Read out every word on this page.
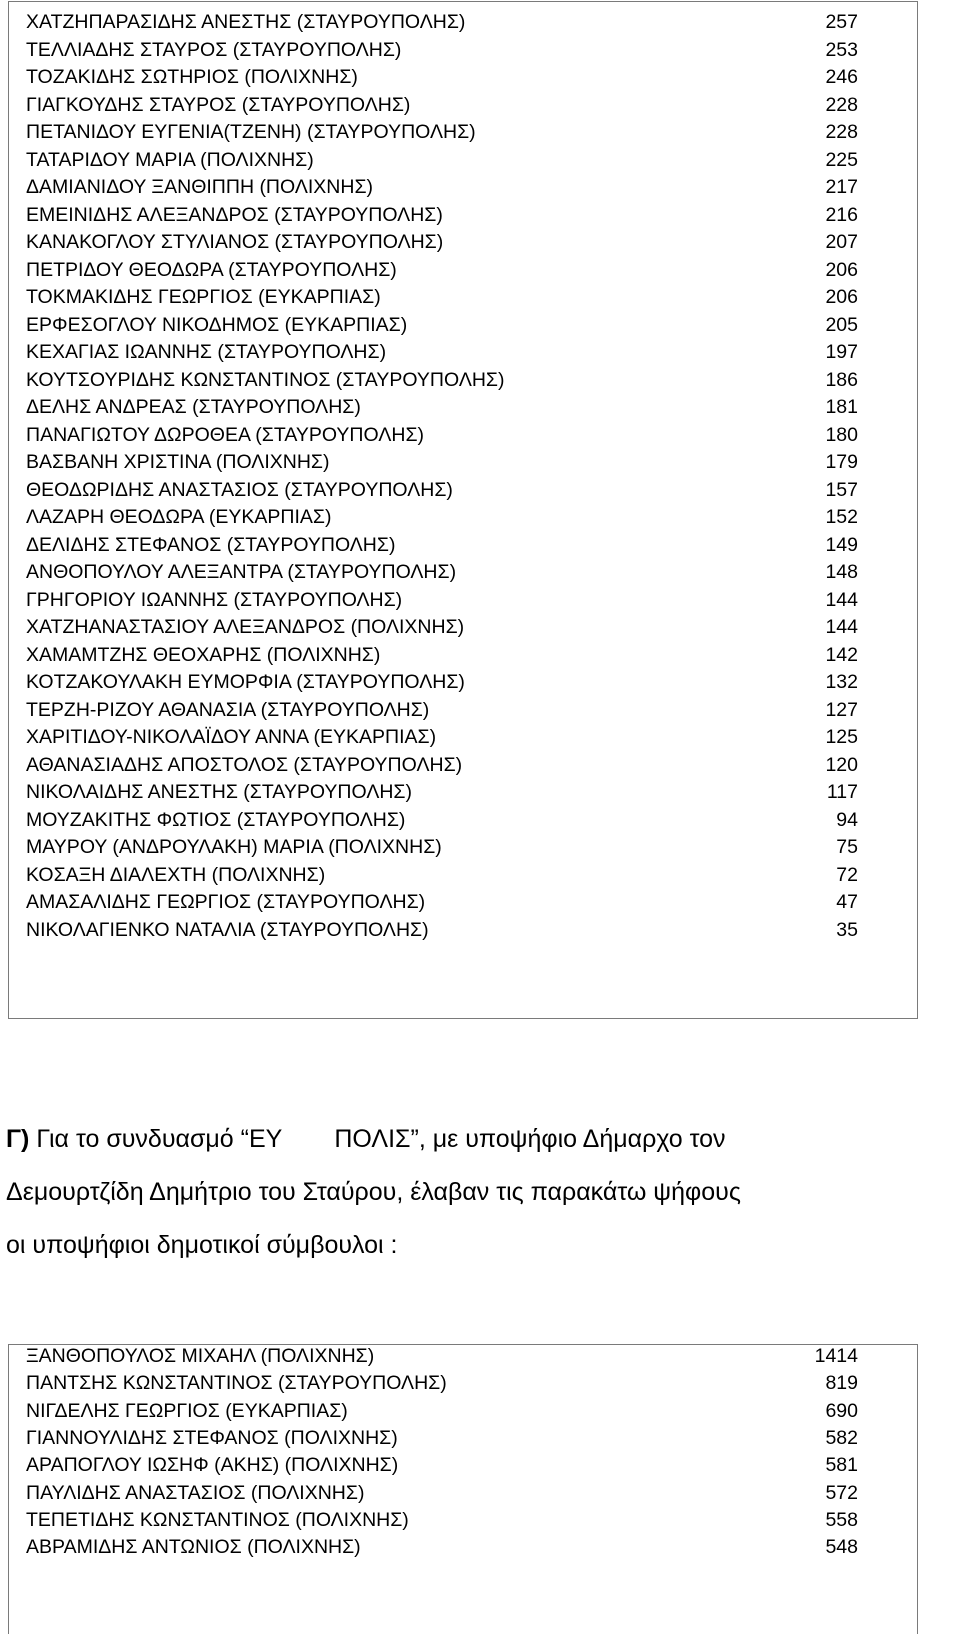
ΧΑΤΖΗΠΑΡΑΣΙΔΗΣ ΑΝΕΣΤΗΣ (ΣΤΑΥΡΟΥΠΟΛΗΣ)	257
ΤΕΛΛΙΑΔΗΣ ΣΤΑΥΡΟΣ (ΣΤΑΥΡΟΥΠΟΛΗΣ)	253
ΤΟΖΑΚΙΔΗΣ ΣΩΤΗΡΙΟΣ (ΠΟΛΙΧΝΗΣ)	246
ΓΙΑΓΚΟΥΔΗΣ ΣΤΑΥΡΟΣ (ΣΤΑΥΡΟΥΠΟΛΗΣ)	228
ΠΕΤΑΝΙΔΟΥ ΕΥΓΕΝΙΑ(ΤΖΕΝΗ) (ΣΤΑΥΡΟΥΠΟΛΗΣ)	228
ΤΑΤΑΡΙΔΟΥ ΜΑΡΙΑ (ΠΟΛΙΧΝΗΣ)	225
ΔΑΜΙΑΝΙΔΟΥ ΞΑΝΘΙΠΠΗ (ΠΟΛΙΧΝΗΣ)	217
ΕΜΕΙΝΙΔΗΣ ΑΛΕΞΑΝΔΡΟΣ (ΣΤΑΥΡΟΥΠΟΛΗΣ)	216
ΚΑΝΑΚΟΓΛΟΥ ΣΤΥΛΙΑΝΟΣ (ΣΤΑΥΡΟΥΠΟΛΗΣ)	207
ΠΕΤΡΙΔΟΥ ΘΕΟΔΩΡΑ (ΣΤΑΥΡΟΥΠΟΛΗΣ)	206
ΤΟΚΜΑΚΙΔΗΣ ΓΕΩΡΓΙΟΣ (ΕΥΚΑΡΠΙΑΣ)	206
ΕΡΦΕΣΟΓΛΟΥ ΝΙΚΟΔΗΜΟΣ (ΕΥΚΑΡΠΙΑΣ)	205
ΚΕΧΑΓΙΑΣ ΙΩΑΝΝΗΣ (ΣΤΑΥΡΟΥΠΟΛΗΣ)	197
ΚΟΥΤΣΟΥΡΙΔΗΣ ΚΩΝΣΤΑΝΤΙΝΟΣ (ΣΤΑΥΡΟΥΠΟΛΗΣ)	186
ΔΕΛΗΣ ΑΝΔΡΕΑΣ (ΣΤΑΥΡΟΥΠΟΛΗΣ)	181
ΠΑΝΑΓΙΩΤΟΥ ΔΩΡΟΘΕΑ (ΣΤΑΥΡΟΥΠΟΛΗΣ)	180
ΒΑΣΒΑΝΗ ΧΡΙΣΤΙΝΑ (ΠΟΛΙΧΝΗΣ)	179
ΘΕΟΔΩΡΙΔΗΣ ΑΝΑΣΤΑΣΙΟΣ (ΣΤΑΥΡΟΥΠΟΛΗΣ)	157
ΛΑΖΑΡΗ ΘΕΟΔΩΡΑ (ΕΥΚΑΡΠΙΑΣ)	152
ΔΕΛΙΔΗΣ ΣΤΕΦΑΝΟΣ (ΣΤΑΥΡΟΥΠΟΛΗΣ)	149
ΑΝΘΟΠΟΥΛΟΥ ΑΛΕΞΑΝΤΡΑ (ΣΤΑΥΡΟΥΠΟΛΗΣ)	148
ΓΡΗΓΟΡΙΟΥ ΙΩΑΝΝΗΣ (ΣΤΑΥΡΟΥΠΟΛΗΣ)	144
ΧΑΤΖΗΑΝΑΣΤΑΣΙΟΥ ΑΛΕΞΑΝΔΡΟΣ (ΠΟΛΙΧΝΗΣ)	144
ΧΑΜΑΜΤΖΗΣ ΘΕΟΧΑΡΗΣ (ΠΟΛΙΧΝΗΣ)	142
ΚΟΤΖΑΚΟΥΛΑΚΗ ΕΥΜΟΡΦΙΑ (ΣΤΑΥΡΟΥΠΟΛΗΣ)	132
ΤΕΡΖΗ-ΡΙΖΟΥ ΑΘΑΝΑΣΙΑ (ΣΤΑΥΡΟΥΠΟΛΗΣ)	127
ΧΑΡΙΤΙΔΟΥ-ΝΙΚΟΛΑΪΔΟΥ ΑΝΝΑ (ΕΥΚΑΡΠΙΑΣ)	125
ΑΘΑΝΑΣΙΑΔΗΣ ΑΠΟΣΤΟΛΟΣ (ΣΤΑΥΡΟΥΠΟΛΗΣ)	120
ΝΙΚΟΛΑΙΔΗΣ ΑΝΕΣΤΗΣ (ΣΤΑΥΡΟΥΠΟΛΗΣ)	117
ΜΟΥΖΑΚΙΤΗΣ ΦΩΤΙΟΣ (ΣΤΑΥΡΟΥΠΟΛΗΣ)	94
ΜΑΥΡΟΥ (ΑΝΔΡΟΥΛΑΚΗ) ΜΑΡΙΑ (ΠΟΛΙΧΝΗΣ)	75
ΚΟΣΑΞΗ ΔΙΑΛΕΧΤΗ (ΠΟΛΙΧΝΗΣ)	72
ΑΜΑΣΑΛΙΔΗΣ ΓΕΩΡΓΙΟΣ (ΣΤΑΥΡΟΥΠΟΛΗΣ)	47
ΝΙΚΟΛΑΓΙΕΝΚΟ ΝΑΤΑΛΙΑ (ΣΤΑΥΡΟΥΠΟΛΗΣ)	35
Γ) Για το συνδυασμό “ΕΥ ΠΟΛΙΣ”, με υποψήφιο Δήμαρχο τον
Δεμουρτζίδη Δημήτριο του Σταύρου, έλαβαν τις παρακάτω ψήφους
οι υποψήφιοι δημοτικοί σύμβουλοι :
ΞΑΝΘΟΠΟΥΛΟΣ ΜΙΧΑΗΛ (ΠΟΛΙΧΝΗΣ)	1414
ΠΑΝΤΣΗΣ ΚΩΝΣΤΑΝΤΙΝΟΣ (ΣΤΑΥΡΟΥΠΟΛΗΣ)	819
ΝΙΓΔΕΛΗΣ ΓΕΩΡΓΙΟΣ (ΕΥΚΑΡΠΙΑΣ)	690
ΓΙΑΝΝΟΥΛΙΔΗΣ ΣΤΕΦΑΝΟΣ (ΠΟΛΙΧΝΗΣ)	582
ΑΡΑΠΟΓΛΟΥ ΙΩΣΗΦ (ΑΚΗΣ) (ΠΟΛΙΧΝΗΣ)	581
ΠΑΥΛΙΔΗΣ ΑΝΑΣΤΑΣΙΟΣ (ΠΟΛΙΧΝΗΣ)	572
ΤΕΠΕΤΙΔΗΣ ΚΩΝΣΤΑΝΤΙΝΟΣ (ΠΟΛΙΧΝΗΣ)	558
ΑΒΡΑΜΙΔΗΣ ΑΝΤΩΝΙΟΣ (ΠΟΛΙΧΝΗΣ)	548
